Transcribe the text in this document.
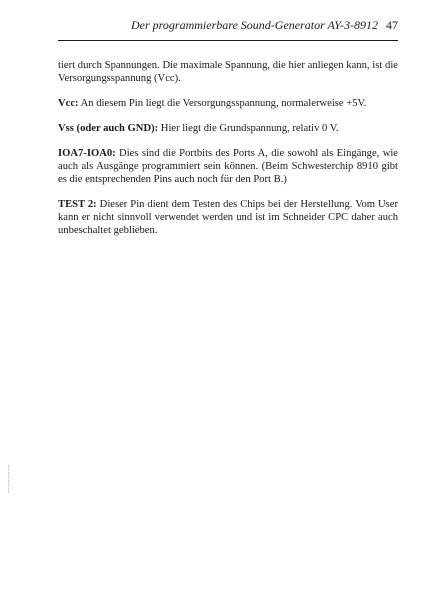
Der programmierbare Sound-Generator AY-3-8912 47

tiert durch Spannungen. Die maximale Spannung, die hier anliegen kann, ist die Versorgungsspannung (Vcc).

Vcc: An diesem Pin liegt die Versorgungsspannung, normalerweise +5V.

Vss (oder auch GND): Hier liegt die Grundspannung, relativ 0 V.

IOA7-IOA0: Dies sind die Portbits des Ports A, die sowohl als Eingänge, wie auch als Ausgänge programmiert sein können. (Beim Schwesterchip 8910 gibt es die entsprechenden Pins auch noch für den Port B.)

TEST 2: Dieser Pin dient dem Testen des Chips bei der Herstellung. Vom User kann er nicht sinnvoll verwendet werden und ist im Schneider CPC daher auch unbeschaltet geblieben.
